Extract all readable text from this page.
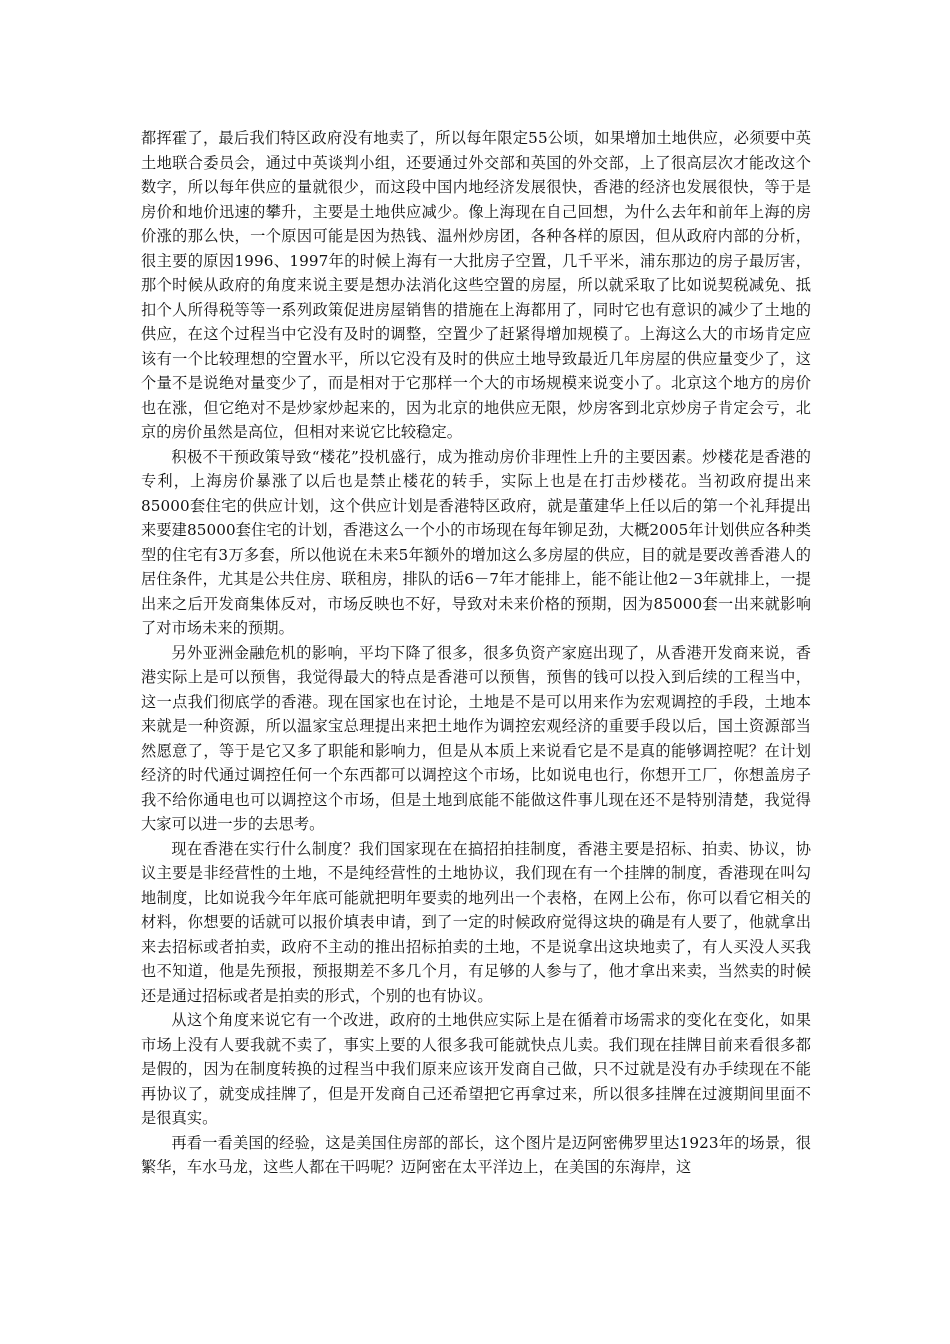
都挥霍了，最后我们特区政府没有地卖了，所以每年限定55公顷，如果增加土地供应，必须要中英土地联合委员会，通过中英谈判小组，还要通过外交部和英国的外交部，上了很高层次才能改这个数字，所以每年供应的量就很少，而这段中国内地经济发展很快，香港的经济也发展很快，等于是房价和地价迅速的攀升，主要是土地供应减少。像上海现在自己回想，为什么去年和前年上海的房价涨的那么快，一个原因可能是因为热钱、温州炒房团，各种各样的原因，但从政府内部的分析，很主要的原因1996、1997年的时候上海有一大批房子空置，几千平米，浦东那边的房子最厉害，那个时候从政府的角度来说主要是想办法消化这些空置的房屋，所以就采取了比如说契税减免、抵扣个人所得税等等一系列政策促进房屋销售的措施在上海都用了，同时它也有意识的减少了土地的供应，在这个过程当中它没有及时的调整，空置少了赶紧得增加规模了。上海这么大的市场肯定应该有一个比较理想的空置水平，所以它没有及时的供应土地导致最近几年房屋的供应量变少了，这个量不是说绝对量变少了，而是相对于它那样一个大的市场规模来说变小了。北京这个地方的房价也在涨，但它绝对不是炒家炒起来的，因为北京的地供应无限，炒房客到北京炒房子肯定会亏，北京的房价虽然是高位，但相对来说它比较稳定。

积极不干预政策导致“楼花”投机盛行，成为推动房价非理性上升的主要因素。炒楼花是香港的专利，上海房价暴涨了以后也是禁止楼花的转手，实际上也是在打击炒楼花。当初政府提出来85000套住宅的供应计划，这个供应计划是香港特区政府，就是董建华上任以后的第一个礼拜提出来要建85000套住宅的计划，香港这么一个小的市场现在每年铆足劲，大概2005年计划供应各种类型的住宅有3万多套，所以他说在未来5年额外的增加这么多房屋的供应，目的就是要改善香港人的居住条件，尤其是公共住房、联租房，排队的话6－7年才能排上，能不能让他2－3年就排上，一提出来之后开发商集体反对，市场反映也不好，导致对未来价格的预期，因为85000套一出来就影响了对市场未来的预期。

另外亚洲金融危机的影响，平均下降了很多，很多负资产家庭出现了，从香港开发商来说，香港实际上是可以预售，我觉得最大的特点是香港可以预售，预售的钱可以投入到后续的工程当中，这一点我们彻底学的香港。现在国家也在讨论，土地是不是可以用来作为宏观调控的手段，土地本来就是一种资源，所以温家宝总理提出来把土地作为调控宏观经济的重要手段以后，国土资源部当然愿意了，等于是它又多了职能和影响力，但是从本质上来说看它是不是真的能够调控呢？在计划经济的时代通过调控任何一个东西都可以调控这个市场，比如说电也行，你想开工厂，你想盖房子我不给你通电也可以调控这个市场，但是土地到底能不能做这件事儿现在还不是特别清楚，我觉得大家可以进一步的去思考。

现在香港在实行什么制度？我们国家现在在搞招拍挂制度，香港主要是招标、拍卖、协议，协议主要是非经营性的土地，不是纯经营性的土地协议，我们现在有一个挂牌的制度，香港现在叫勾地制度，比如说我今年年底可能就把明年要卖的地列出一个表格，在网上公布，你可以看它相关的材料，你想要的话就可以报价填表申请，到了一定的时候政府觉得这块的确是有人要了，他就拿出来去招标或者拍卖，政府不主动的推出招标拍卖的土地，不是说拿出这块地卖了，有人买没人买我也不知道，他是先预报，预报期差不多几个月，有足够的人参与了，他才拿出来卖，当然卖的时候还是通过招标或者是拍卖的形式，个别的也有协议。

从这个角度来说它有一个改进，政府的土地供应实际上是在循着市场需求的变化在变化，如果市场上没有人要我就不卖了，事实上要的人很多我可能就快点儿卖。我们现在挂牌目前来看很多都是假的，因为在制度转换的过程当中我们原来应该开发商自己做，只不过就是没有办手续现在不能再协议了，就变成挂牌了，但是开发商自己还希望把它再拿过来，所以很多挂牌在过渡期间里面不是很真实。

再看一看美国的经验，这是美国住房部的部长，这个图片是迈阿密佛罗里达1923年的场景，很繁华，车水马龙，这些人都在干吗呢？迈阿密在太平洋边上，在美国的东海岸，这
